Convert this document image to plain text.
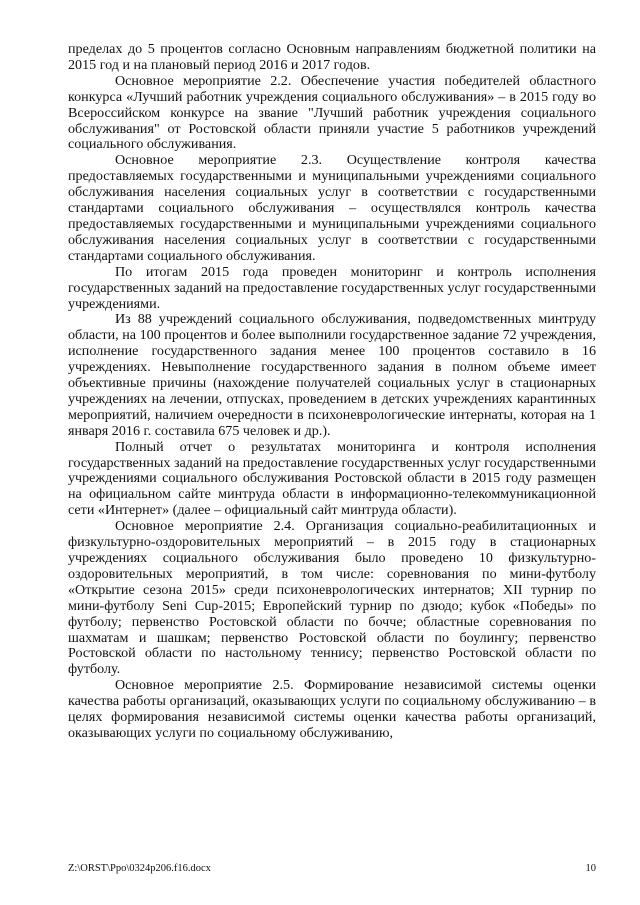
пределах до 5 процентов согласно Основным направлениям бюджетной политики на 2015 год и на плановый период 2016 и 2017 годов.

Основное мероприятие 2.2. Обеспечение участия победителей областного конкурса «Лучший работник учреждения социального обслуживания» – в 2015 году во Всероссийском конкурсе на звание "Лучший работник учреждения социального обслуживания" от Ростовской области приняли участие 5 работников учреждений социального обслуживания.

Основное мероприятие 2.3. Осуществление контроля качества предоставляемых государственными и муниципальными учреждениями социального обслуживания населения социальных услуг в соответствии с государственными стандартами социального обслуживания – осуществлялся контроль качества предоставляемых государственными и муниципальными учреждениями социального обслуживания населения социальных услуг в соответствии с государственными стандартами социального обслуживания.

По итогам 2015 года проведен мониторинг и контроль исполнения государственных заданий на предоставление государственных услуг государственными учреждениями.

Из 88 учреждений социального обслуживания, подведомственных минтруду области, на 100 процентов и более выполнили государственное задание 72 учреждения, исполнение государственного задания менее 100 процентов составило в 16 учреждениях. Невыполнение государственного задания в полном объеме имеет объективные причины (нахождение получателей социальных услуг в стационарных учреждениях на лечении, отпусках, проведением в детских учреждениях карантинных мероприятий, наличием очередности в психоневрологические интернаты, которая на 1 января 2016 г. составила 675 человек и др.).

Полный отчет о результатах мониторинга и контроля исполнения государственных заданий на предоставление государственных услуг государственными учреждениями социального обслуживания Ростовской области в 2015 году размещен на официальном сайте минтруда области в информационно-телекоммуникационной сети «Интернет» (далее – официальный сайт минтруда области).

Основное мероприятие 2.4. Организация социально-реабилитационных и физкультурно-оздоровительных мероприятий – в 2015 году в стационарных учреждениях социального обслуживания было проведено 10 физкультурно-оздоровительных мероприятий, в том числе: соревнования по мини-футболу «Открытие сезона 2015» среди психоневрологических интернатов; XII турнир по мини-футболу Seni Cup-2015; Европейский турнир по дзюдо; кубок «Победы» по футболу; первенство Ростовской области по бочче; областные соревнования по шахматам и шашкам; первенство Ростовской области по боулингу; первенство Ростовской области по настольному теннису; первенство Ростовской области по футболу.

Основное мероприятие 2.5. Формирование независимой системы оценки качества работы организаций, оказывающих услуги по социальному обслуживанию – в целях формирования независимой системы оценки качества работы организаций, оказывающих услуги по социальному обслуживанию,

Z:\ORST\Ppo\0324p206.f16.docx	10
